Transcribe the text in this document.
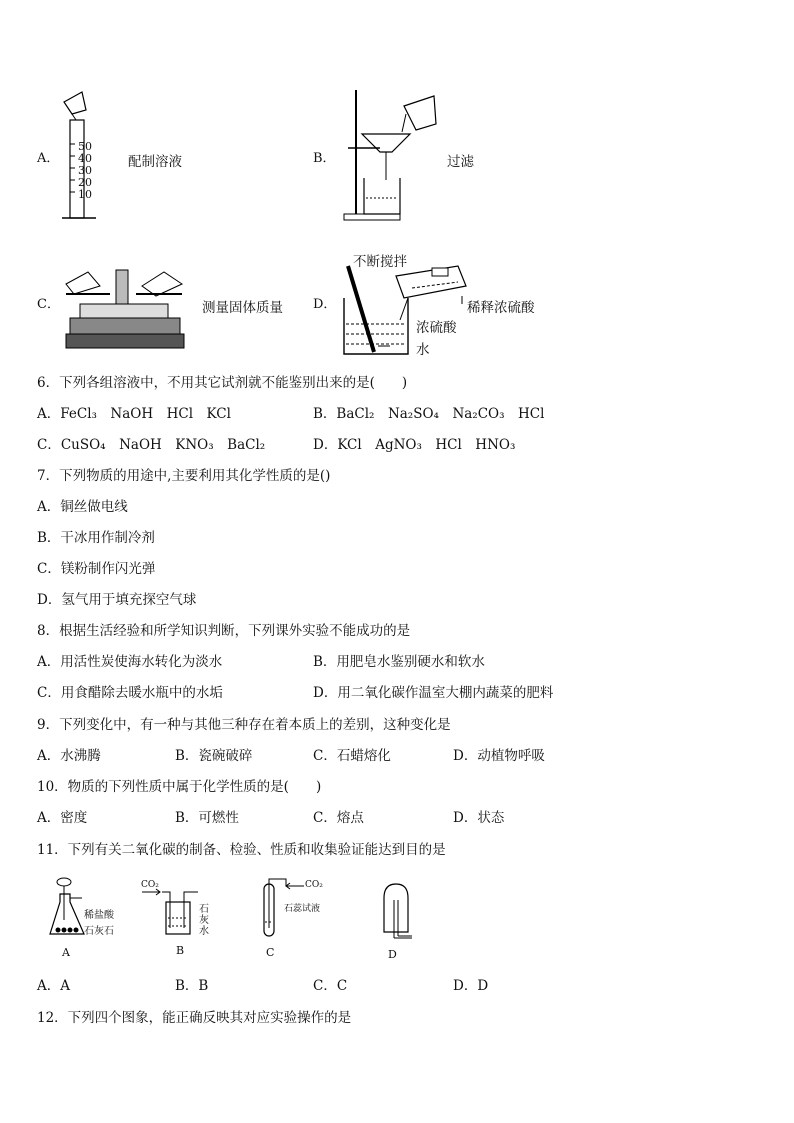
A．
50
40
30
20
10
配制溶液	B．	过滤
C．	测量固体质量 D．
不断搅拌
稀释浓硫酸
浓硫酸
水
6．下列各组溶液中，不用其它试剂就不能鉴别出来的是(　　)
A．FeCl₃　NaOH　HCl　KCl	B．BaCl₂　Na₂SO₄　Na₂CO₃　HCl
C．CuSO₄　NaOH　KNO₃　BaCl₂	D．KCl　AgNO₃　HCl　HNO₃
7．下列物质的用途中,主要利用其化学性质的是()
A．铜丝做电线
B．干冰用作制冷剂
C．镁粉制作闪光弹
D．氢气用于填充探空气球
8．根据生活经验和所学知识判断，下列课外实验不能成功的是
A．用活性炭使海水转化为淡水	B．用肥皂水鉴别硬水和软水
C．用食醋除去暖水瓶中的水垢	D．用二氧化碳作温室大棚内蔬菜的肥料
9．下列变化中，有一种与其他三种存在着本质上的差别，这种变化是
A．水沸腾	B．瓷碗破碎	C．石蜡熔化	D．动植物呼吸
10．物质的下列性质中属于化学性质的是(　　)
A．密度	B．可燃性	C．熔点	D．状态
11．下列有关二氧化碳的制备、检验、性质和收集验证能达到目的是
稀盐酸
石灰石
A
CO₂
石灰水
B
CO₂
石蕊试液
C	D
A．A	B．B	C．C	D．D
12．下列四个图象，能正确反映其对应实验操作的是
